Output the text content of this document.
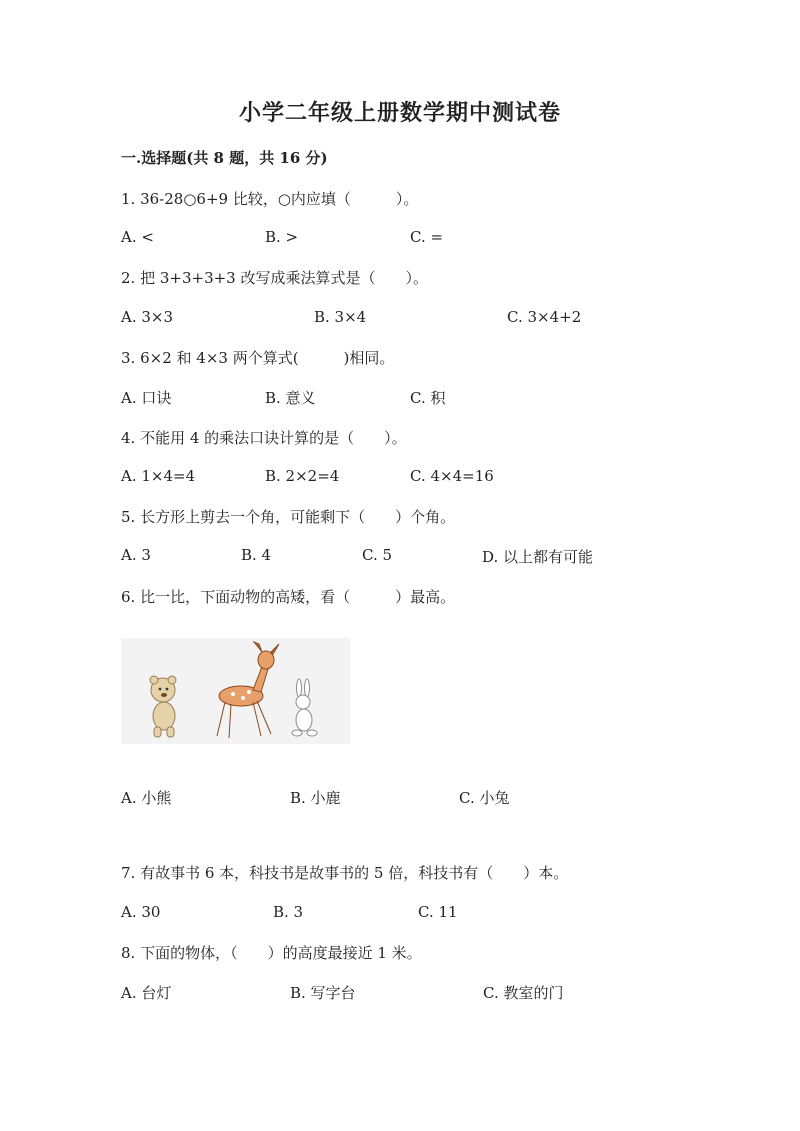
小学二年级上册数学期中测试卷
一.选择题(共 8 题，共 16 分)
1. 36-28○6+9 比较，○内应填（　　　）。
A. <	B. >	C. =
2. 把 3+3+3+3 改写成乘法算式是（　　）。
A. 3×3	B. 3×4	C. 3×4+2
3. 6×2 和 4×3 两个算式(　　　)相同。
A. 口诀	B. 意义	C. 积
4. 不能用 4 的乘法口诀计算的是（　　）。
A. 1×4=4	B. 2×2=4	C. 4×4=16
5. 长方形上剪去一个角，可能剩下（　　）个角。
A. 3	B. 4	C. 5	D. 以上都有可能
6. 比一比，下面动物的高矮，看（　　　）最高。
A. 小熊	B. 小鹿	C. 小兔
7. 有故事书 6 本，科技书是故事书的 5 倍，科技书有（　　）本。
A. 30	B. 3	C. 11
8. 下面的物体，（　　）的高度最接近 1 米。
A. 台灯	B. 写字台	C. 教室的门
